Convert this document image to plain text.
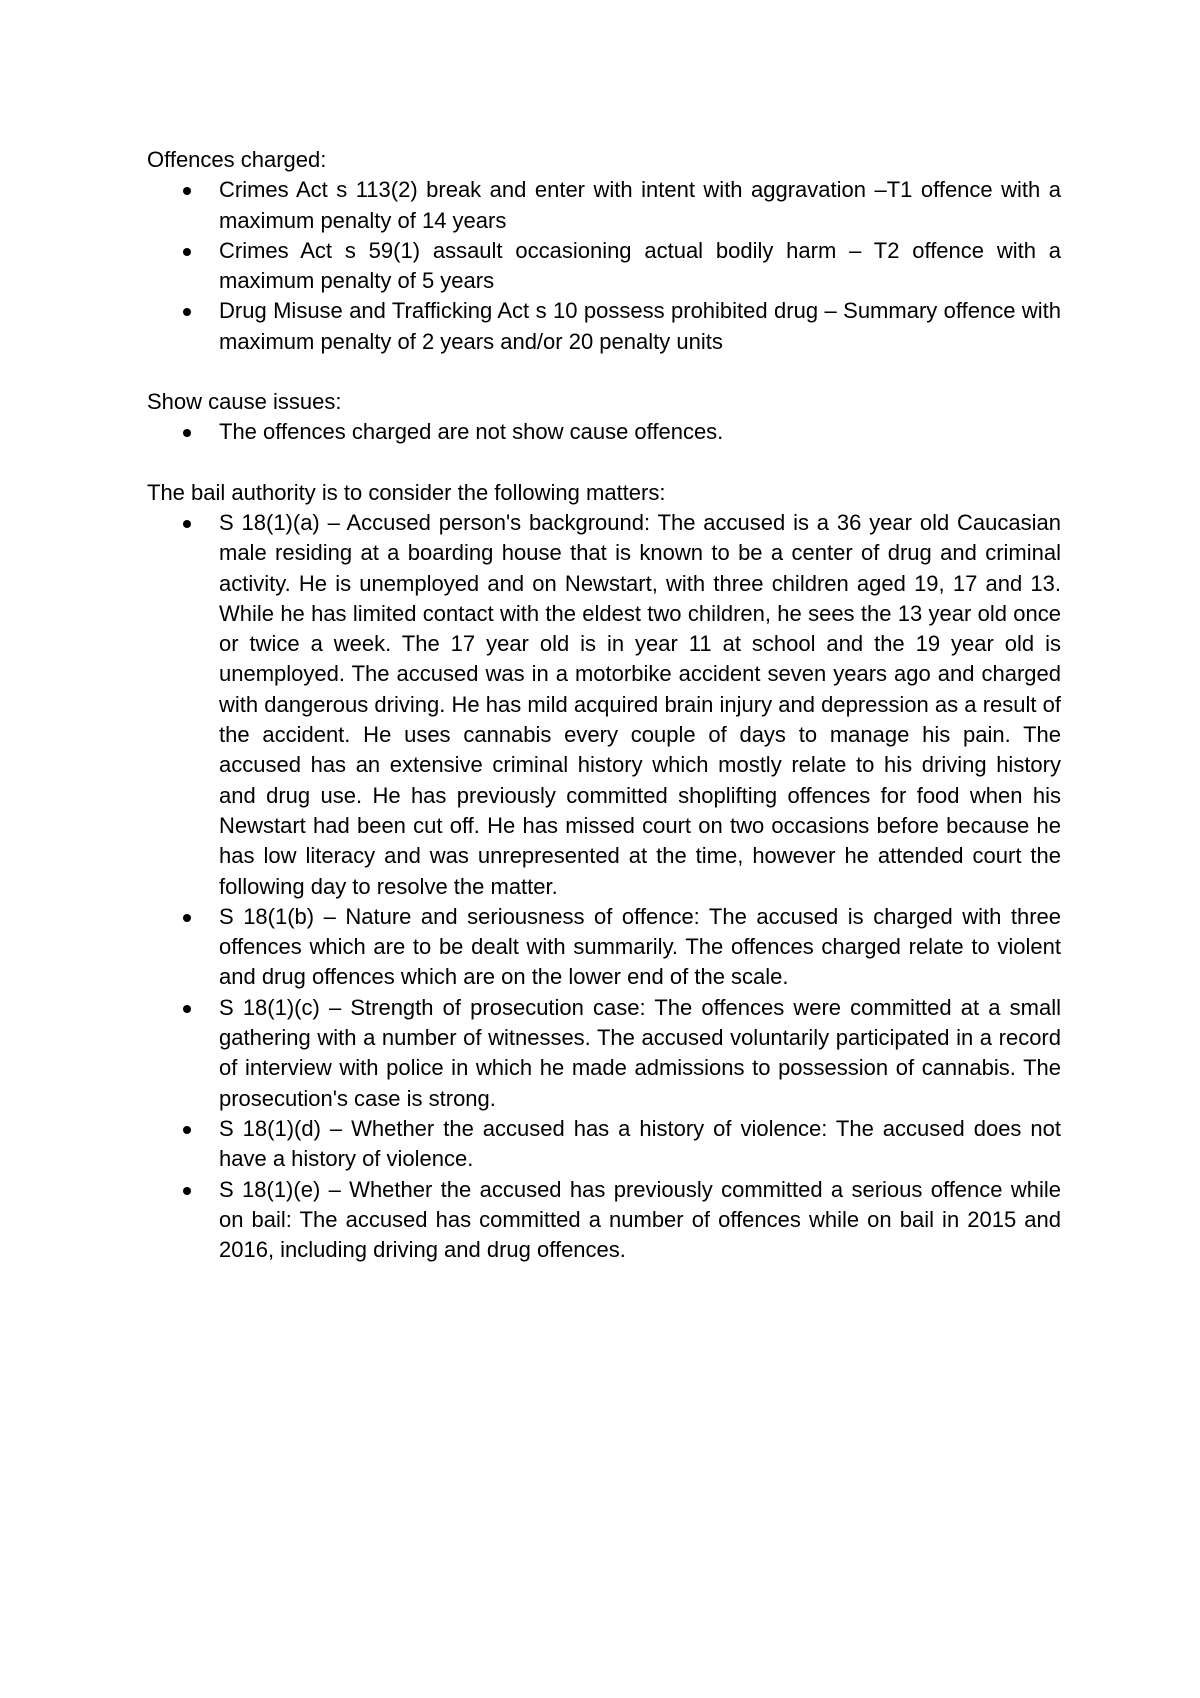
Offences charged:

Crimes Act s 113(2) break and enter with intent with aggravation –T1 offence with a maximum penalty of 14 years
Crimes Act s 59(1) assault occasioning actual bodily harm – T2 offence with a maximum penalty of 5 years
Drug Misuse and Trafficking Act s 10 possess prohibited drug – Summary offence with maximum penalty of 2 years and/or 20 penalty units

Show cause issues:

The offences charged are not show cause offences.

The bail authority is to consider the following matters:

S 18(1)(a) – Accused person's background: The accused is a 36 year old Caucasian male residing at a boarding house that is known to be a center of drug and criminal activity. He is unemployed and on Newstart, with three children aged 19, 17 and 13. While he has limited contact with the eldest two children, he sees the 13 year old once or twice a week. The 17 year old is in year 11 at school and the 19 year old is unemployed. The accused was in a motorbike accident seven years ago and charged with dangerous driving. He has mild acquired brain injury and depression as a result of the accident. He uses cannabis every couple of days to manage his pain. The accused has an extensive criminal history which mostly relate to his driving history and drug use. He has previously committed shoplifting offences for food when his Newstart had been cut off. He has missed court on two occasions before because he has low literacy and was unrepresented at the time, however he attended court the following day to resolve the matter.
S 18(1(b) – Nature and seriousness of offence: The accused is charged with three offences which are to be dealt with summarily. The offences charged relate to violent and drug offences which are on the lower end of the scale.
S 18(1)(c) – Strength of prosecution case: The offences were committed at a small gathering with a number of witnesses. The accused voluntarily participated in a record of interview with police in which he made admissions to possession of cannabis. The prosecution's case is strong.
S 18(1)(d) – Whether the accused has a history of violence: The accused does not have a history of violence.
S 18(1)(e) – Whether the accused has previously committed a serious offence while on bail: The accused has committed a number of offences while on bail in 2015 and 2016, including driving and drug offences.
